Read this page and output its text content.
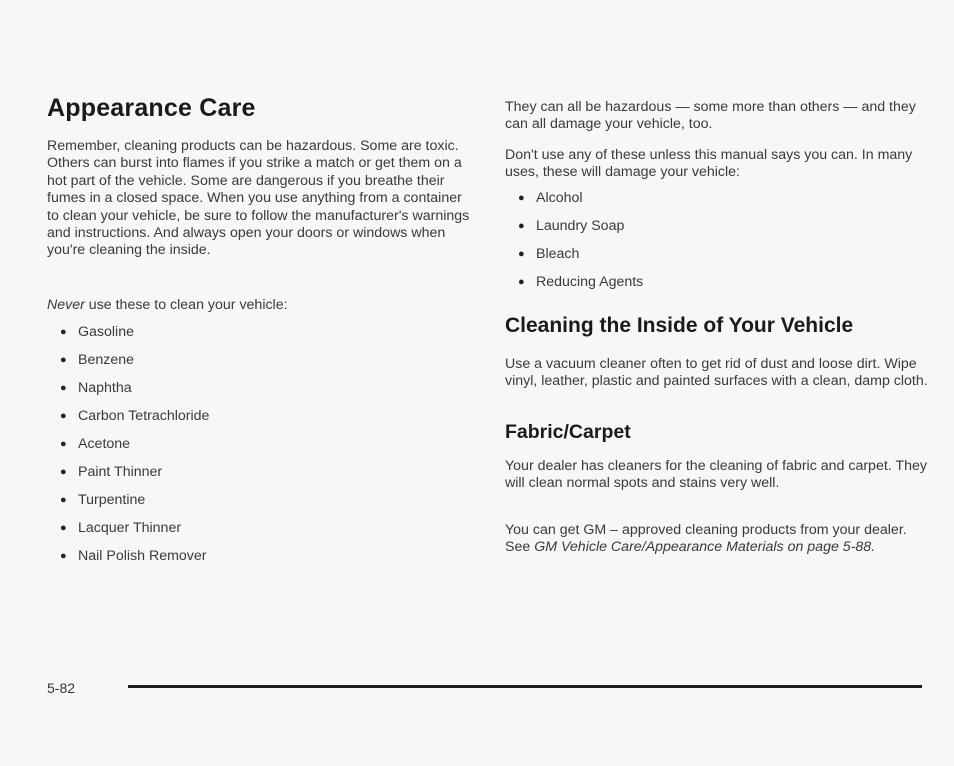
Appearance Care

Remember, cleaning products can be hazardous. Some are toxic. Others can burst into flames if you strike a match or get them on a hot part of the vehicle. Some are dangerous if you breathe their fumes in a closed space. When you use anything from a container to clean your vehicle, be sure to follow the manufacturer's warnings and instructions. And always open your doors or windows when you're cleaning the inside.

Never use these to clean your vehicle:

● Gasoline
● Benzene
● Naphtha
● Carbon Tetrachloride
● Acetone
● Paint Thinner
● Turpentine
● Lacquer Thinner
● Nail Polish Remover

They can all be hazardous — some more than others — and they can all damage your vehicle, too.

Don't use any of these unless this manual says you can. In many uses, these will damage your vehicle:

● Alcohol
● Laundry Soap
● Bleach
● Reducing Agents
Cleaning the Inside of Your Vehicle

Use a vacuum cleaner often to get rid of dust and loose dirt. Wipe vinyl, leather, plastic and painted surfaces with a clean, damp cloth.

Fabric/Carpet

Your dealer has cleaners for the cleaning of fabric and carpet. They will clean normal spots and stains very well.

You can get GM – approved cleaning products from your dealer. See GM Vehicle Care/Appearance Materials on page 5-88.

5-82
